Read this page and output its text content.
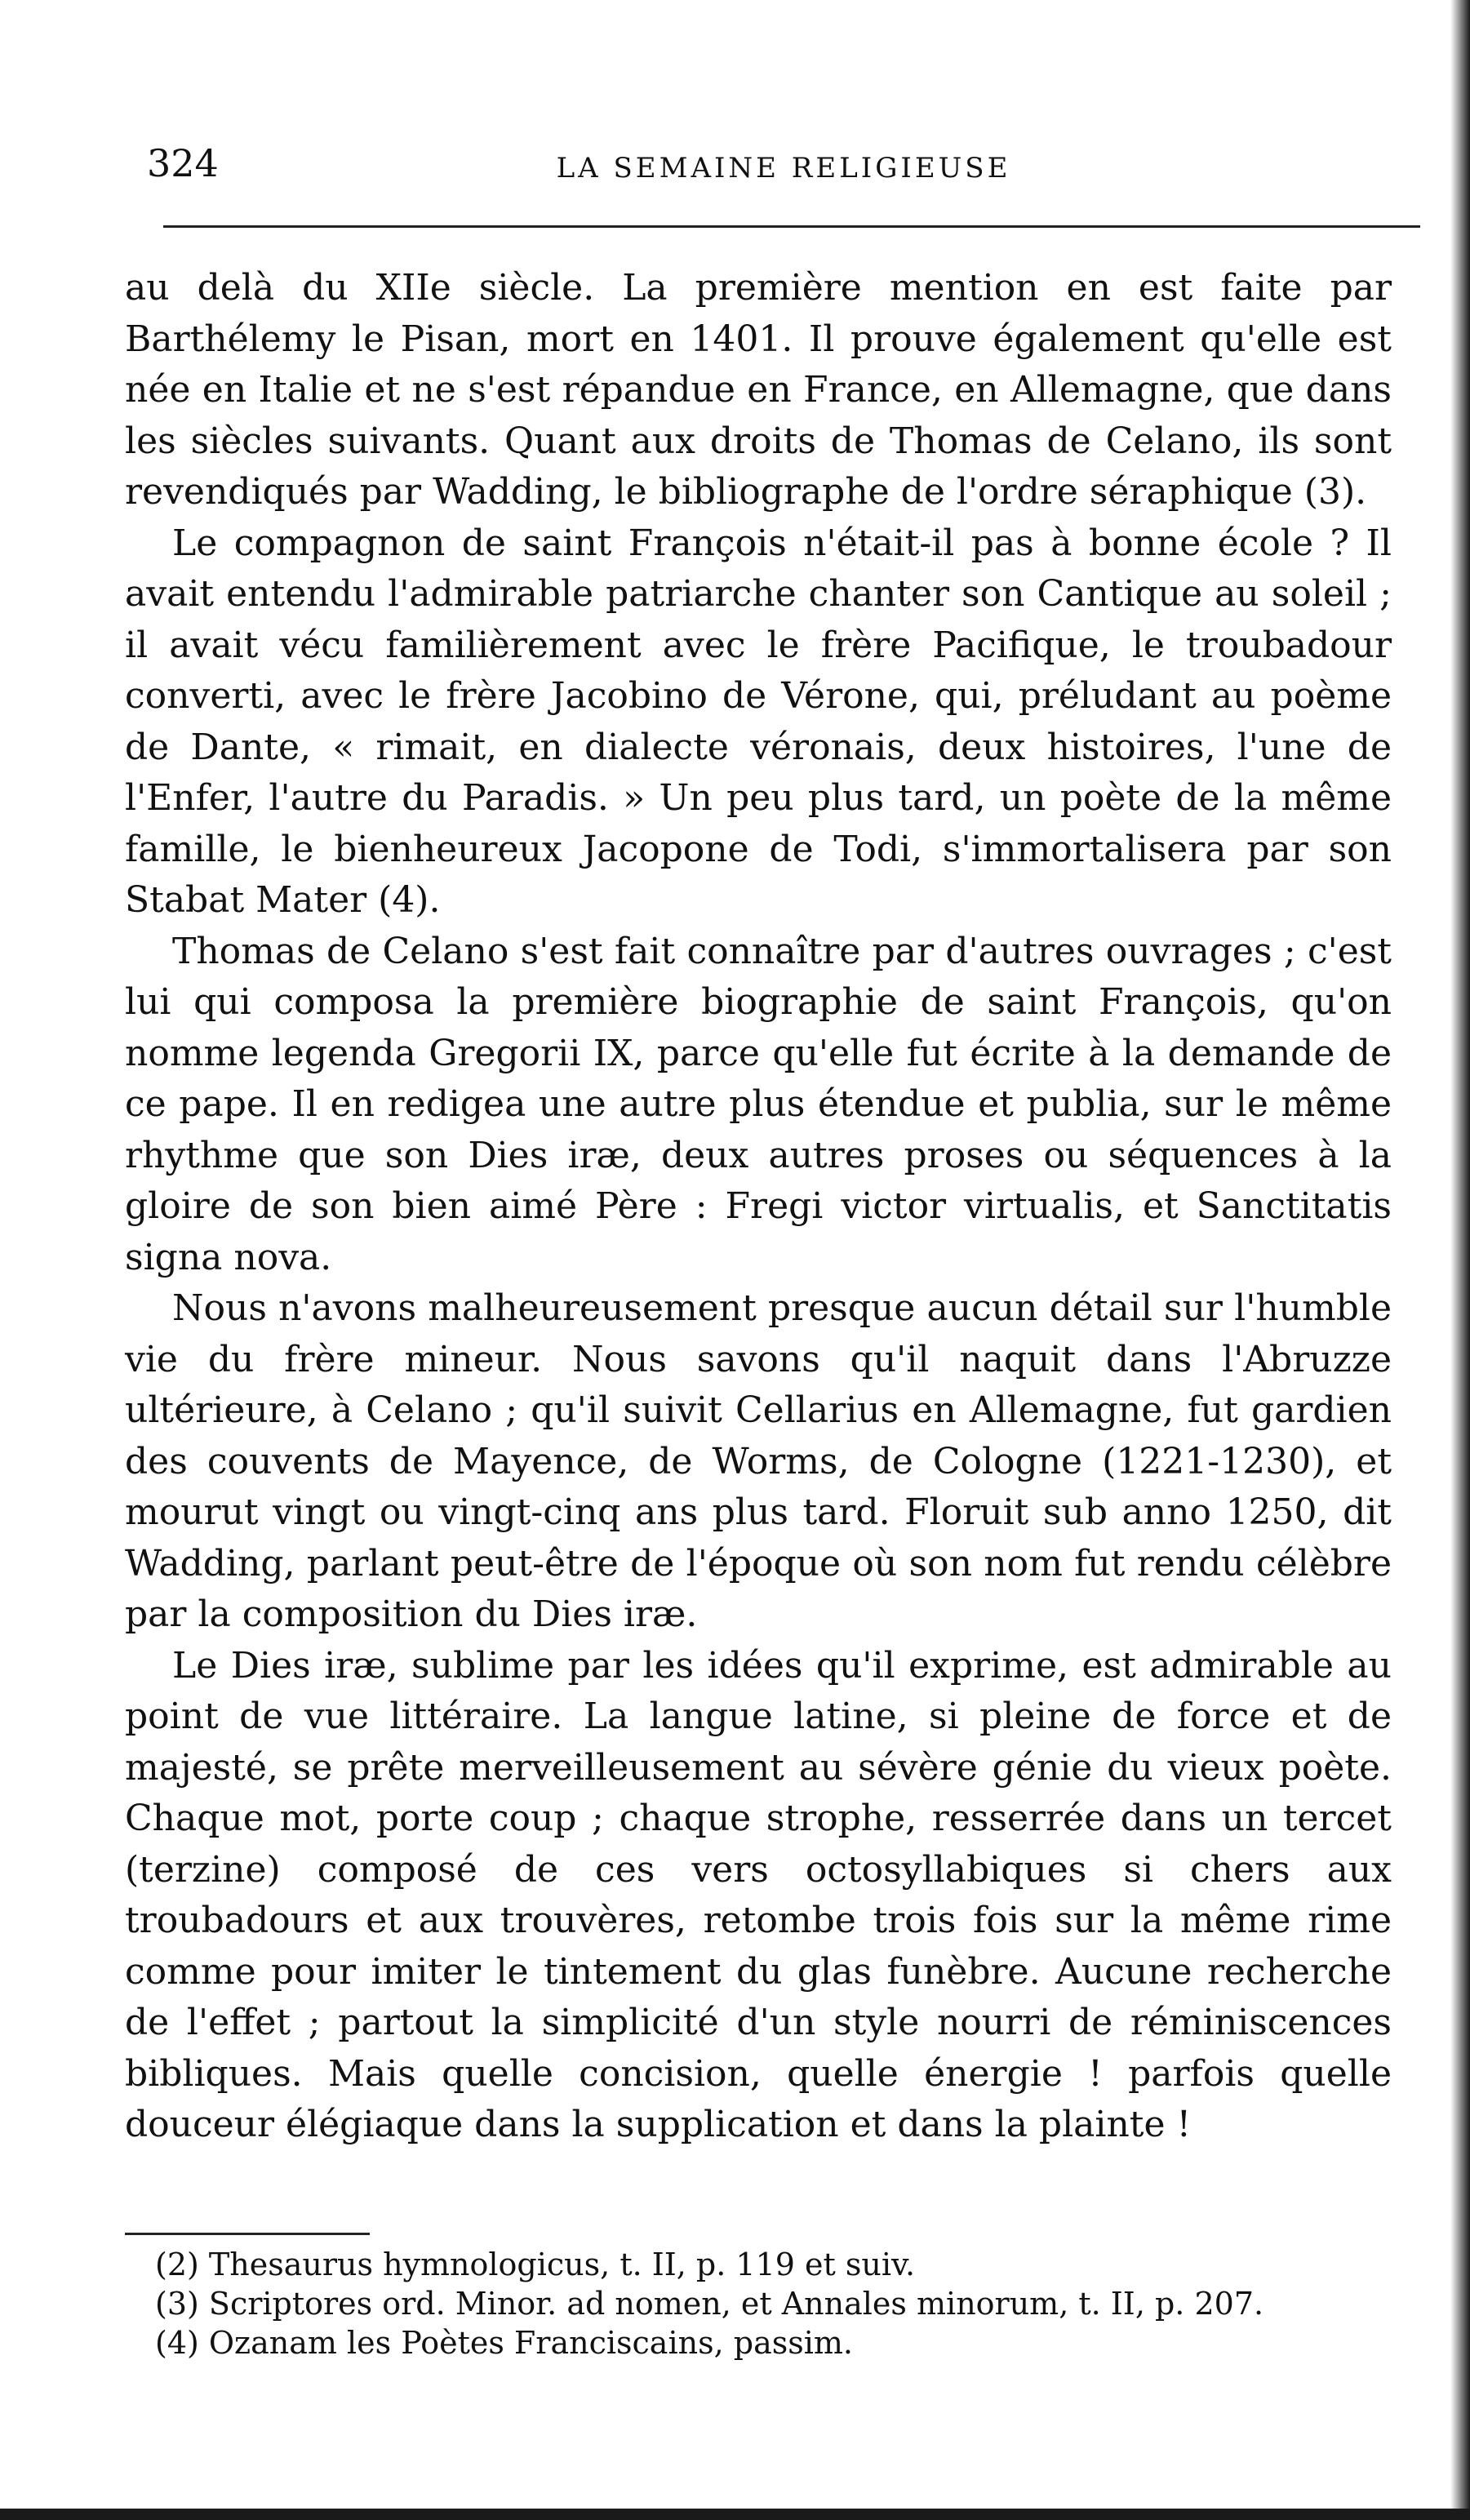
324	LA SEMAINE RELIGIEUSE

au delà du XIIe siècle. La première mention en est faite par Barthélemy le Pisan, mort en 1401. Il prouve également qu'elle est née en Italie et ne s'est répandue en France, en Allemagne, que dans les siècles suivants. Quant aux droits de Thomas de Celano, ils sont revendiqués par Wadding, le bibliographe de l'ordre séraphique (3).

Le compagnon de saint François n'était-il pas à bonne école ? Il avait entendu l'admirable patriarche chanter son Cantique au soleil ; il avait vécu familièrement avec le frère Pacifique, le troubadour converti, avec le frère Jacobino de Vérone, qui, préludant au poème de Dante, « rimait, en dialecte véronais, deux histoires, l'une de l'Enfer, l'autre du Paradis. » Un peu plus tard, un poète de la même famille, le bienheureux Jacopone de Todi, s'immortalisera par son Stabat Mater (4).

Thomas de Celano s'est fait connaître par d'autres ouvrages ; c'est lui qui composa la première biographie de saint François, qu'on nomme legenda Gregorii IX, parce qu'elle fut écrite à la demande de ce pape. Il en redigea une autre plus étendue et publia, sur le même rhythme que son Dies iræ, deux autres proses ou séquences à la gloire de son bien aimé Père : Fregi victor virtualis, et Sanctitatis signa nova.

Nous n'avons malheureusement presque aucun détail sur l'humble vie du frère mineur. Nous savons qu'il naquit dans l'Abruzze ultérieure, à Celano ; qu'il suivit Cellarius en Allemagne, fut gardien des couvents de Mayence, de Worms, de Cologne (1221-1230), et mourut vingt ou vingt-cinq ans plus tard. Floruit sub anno 1250, dit Wadding, parlant peut-être de l'époque où son nom fut rendu célèbre par la composition du Dies iræ.

Le Dies iræ, sublime par les idées qu'il exprime, est admirable au point de vue littéraire. La langue latine, si pleine de force et de majesté, se prête merveilleusement au sévère génie du vieux poète. Chaque mot, porte coup ; chaque strophe, resserrée dans un tercet (terzine) composé de ces vers octosyllabiques si chers aux troubadours et aux trouvères, retombe trois fois sur la même rime comme pour imiter le tintement du glas funèbre. Aucune recherche de l'effet ; partout la simplicité d'un style nourri de réminiscences bibliques. Mais quelle concision, quelle énergie ! parfois quelle douceur élégiaque dans la supplication et dans la plainte !

(2) Thesaurus hymnologicus, t. II, p. 119 et suiv.

(3) Scriptores ord. Minor. ad nomen, et Annales minorum, t. II, p. 207.

(4) Ozanam les Poètes Franciscains, passim.
